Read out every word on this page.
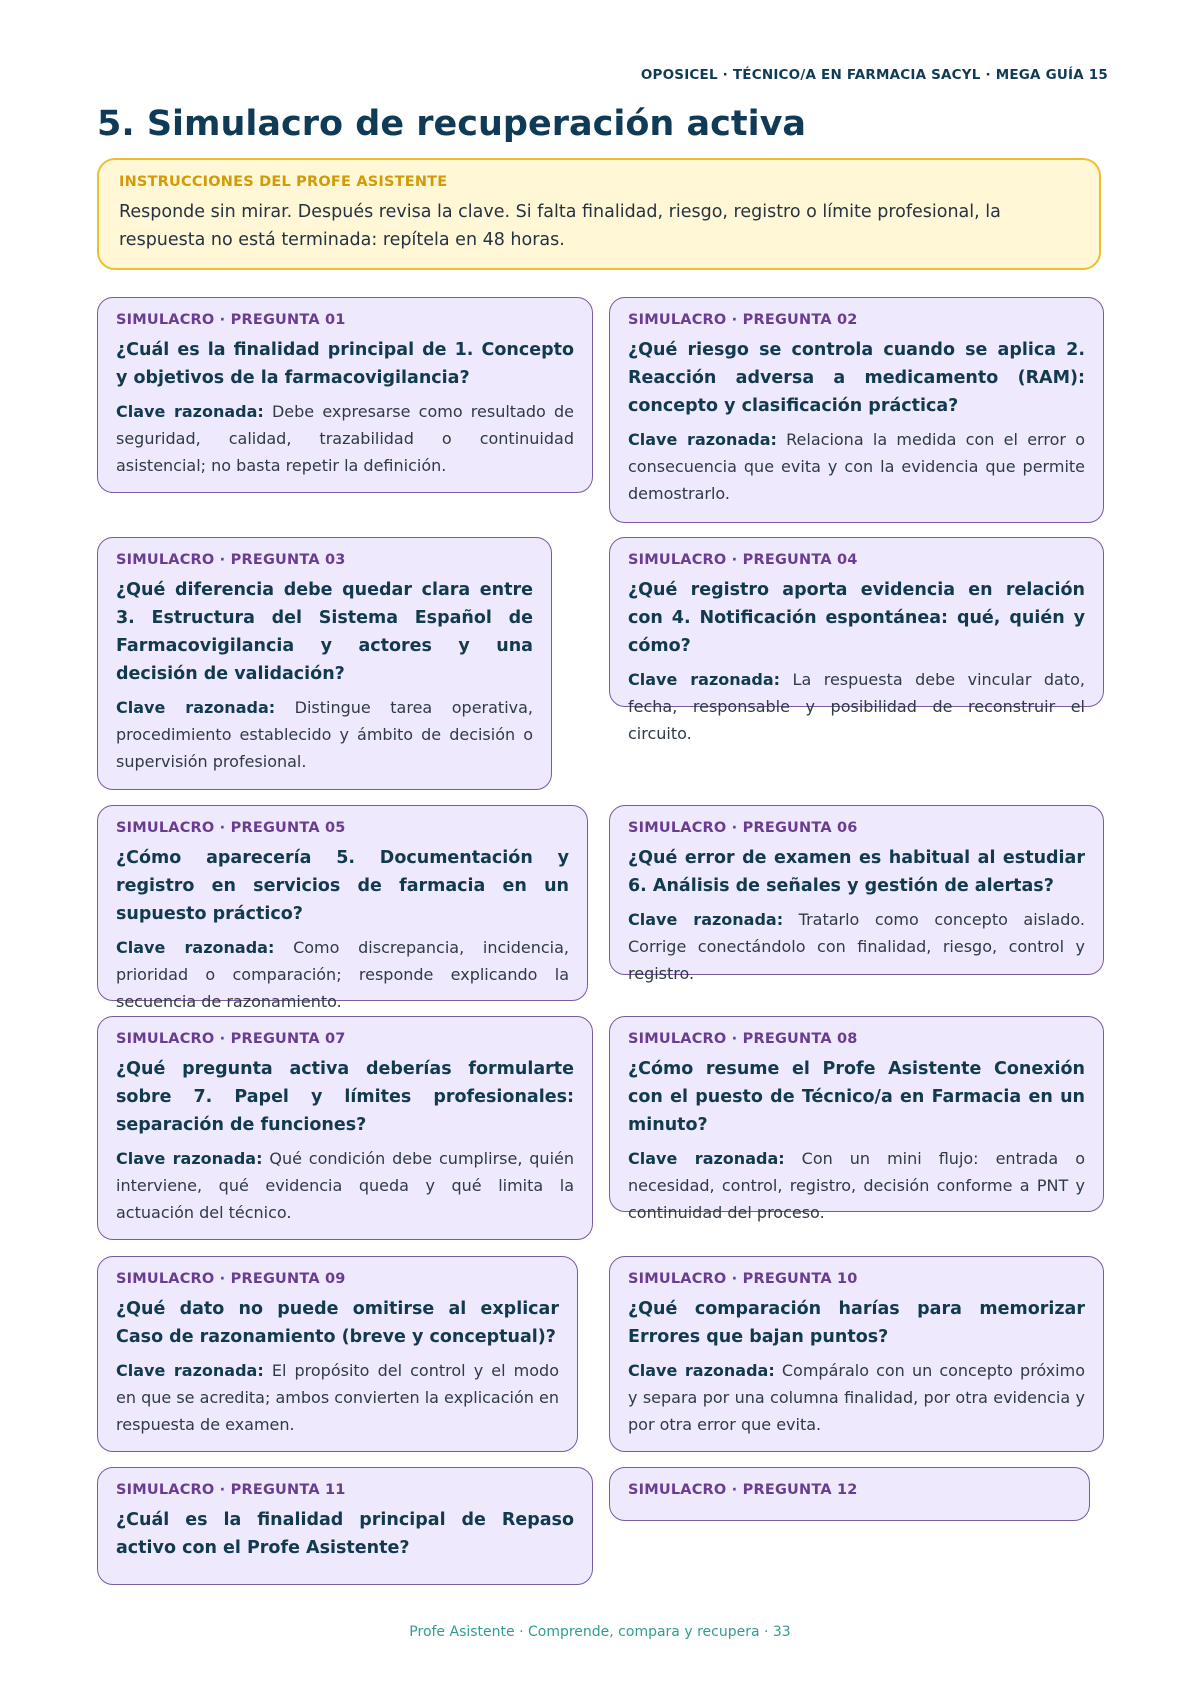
OPOSICEL · TÉCNICO/A EN FARMACIA SACYL · MEGA GUÍA 15
5. Simulacro de recuperación activa
INSTRUCCIONES DEL PROFE ASISTENTE
Responde sin mirar. Después revisa la clave. Si falta finalidad, riesgo, registro o límite profesional, la respuesta no está terminada: repítela en 48 horas.
SIMULACRO · PREGUNTA 01
¿Cuál es la finalidad principal de 1. Concepto y objetivos de la farmacovigilancia?
Clave razonada: Debe expresarse como resultado de seguridad, calidad, trazabilidad o continuidad asistencial; no basta repetir la definición.
SIMULACRO · PREGUNTA 02
¿Qué riesgo se controla cuando se aplica 2. Reacción adversa a medicamento (RAM): concepto y clasificación práctica?
Clave razonada: Relaciona la medida con el error o consecuencia que evita y con la evidencia que permite demostrarlo.
SIMULACRO · PREGUNTA 03
¿Qué diferencia debe quedar clara entre 3. Estructura del Sistema Español de Farmacovigilancia y actores y una decisión de validación?
Clave razonada: Distingue tarea operativa, procedimiento establecido y ámbito de decisión o supervisión profesional.
SIMULACRO · PREGUNTA 04
¿Qué registro aporta evidencia en relación con 4. Notificación espontánea: qué, quién y cómo?
Clave razonada: La respuesta debe vincular dato, fecha, responsable y posibilidad de reconstruir el circuito.
SIMULACRO · PREGUNTA 05
¿Cómo aparecería 5. Documentación y registro en servicios de farmacia en un supuesto práctico?
Clave razonada: Como discrepancia, incidencia, prioridad o comparación; responde explicando la secuencia de razonamiento.
SIMULACRO · PREGUNTA 06
¿Qué error de examen es habitual al estudiar 6. Análisis de señales y gestión de alertas?
Clave razonada: Tratarlo como concepto aislado. Corrige conectándolo con finalidad, riesgo, control y registro.
SIMULACRO · PREGUNTA 07
¿Qué pregunta activa deberías formularte sobre 7. Papel y límites profesionales: separación de funciones?
Clave razonada: Qué condición debe cumplirse, quién interviene, qué evidencia queda y qué limita la actuación del técnico.
SIMULACRO · PREGUNTA 08
¿Cómo resume el Profe Asistente Conexión con el puesto de Técnico/a en Farmacia en un minuto?
Clave razonada: Con un mini flujo: entrada o necesidad, control, registro, decisión conforme a PNT y continuidad del proceso.
SIMULACRO · PREGUNTA 09
¿Qué dato no puede omitirse al explicar Caso de razonamiento (breve y conceptual)?
Clave razonada: El propósito del control y el modo en que se acredita; ambos convierten la explicación en respuesta de examen.
SIMULACRO · PREGUNTA 10
¿Qué comparación harías para memorizar Errores que bajan puntos?
Clave razonada: Compáralo con un concepto próximo y separa por una columna finalidad, por otra evidencia y por otra error que evita.
SIMULACRO · PREGUNTA 11
¿Cuál es la finalidad principal de Repaso activo con el Profe Asistente?
SIMULACRO · PREGUNTA 12
Profe Asistente · Comprende, compara y recupera · 33
